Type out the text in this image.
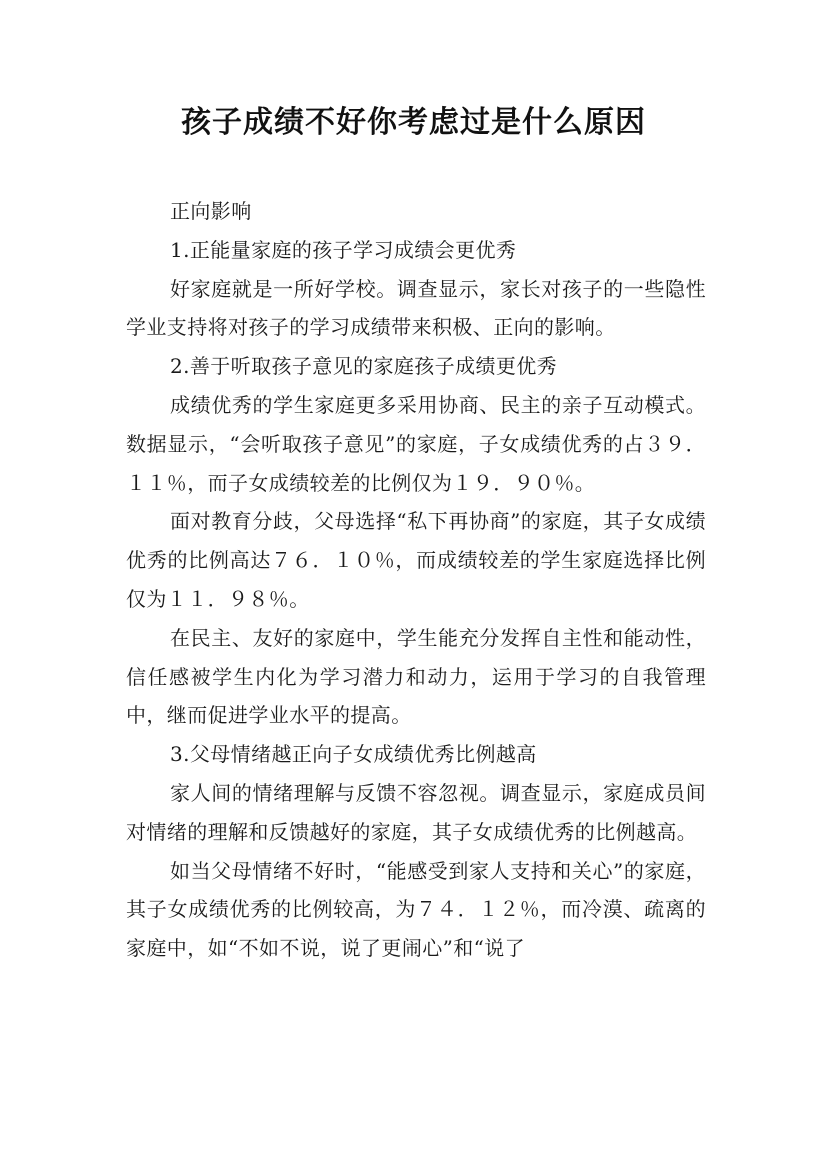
孩子成绩不好你考虑过是什么原因

正向影响

1.正能量家庭的孩子学习成绩会更优秀

好家庭就是一所好学校。调查显示，家长对孩子的一些隐性学业支持将对孩子的学习成绩带来积极、正向的影响。

2.善于听取孩子意见的家庭孩子成绩更优秀

成绩优秀的学生家庭更多采用协商、民主的亲子互动模式。数据显示，“会听取孩子意见”的家庭，子女成绩优秀的占３９．１１％，而子女成绩较差的比例仅为１９．９０％。

面对教育分歧，父母选择“私下再协商”的家庭，其子女成绩优秀的比例高达７６．１０％，而成绩较差的学生家庭选择比例仅为１１．９８％。

在民主、友好的家庭中，学生能充分发挥自主性和能动性，信任感被学生内化为学习潜力和动力，运用于学习的自我管理中，继而促进学业水平的提高。

3.父母情绪越正向子女成绩优秀比例越高

家人间的情绪理解与反馈不容忽视。调查显示，家庭成员间对情绪的理解和反馈越好的家庭，其子女成绩优秀的比例越高。

如当父母情绪不好时，“能感受到家人支持和关心”的家庭，其子女成绩优秀的比例较高，为７４．１２％，而冷漠、疏离的家庭中，如“不如不说，说了更闹心”和“说了
